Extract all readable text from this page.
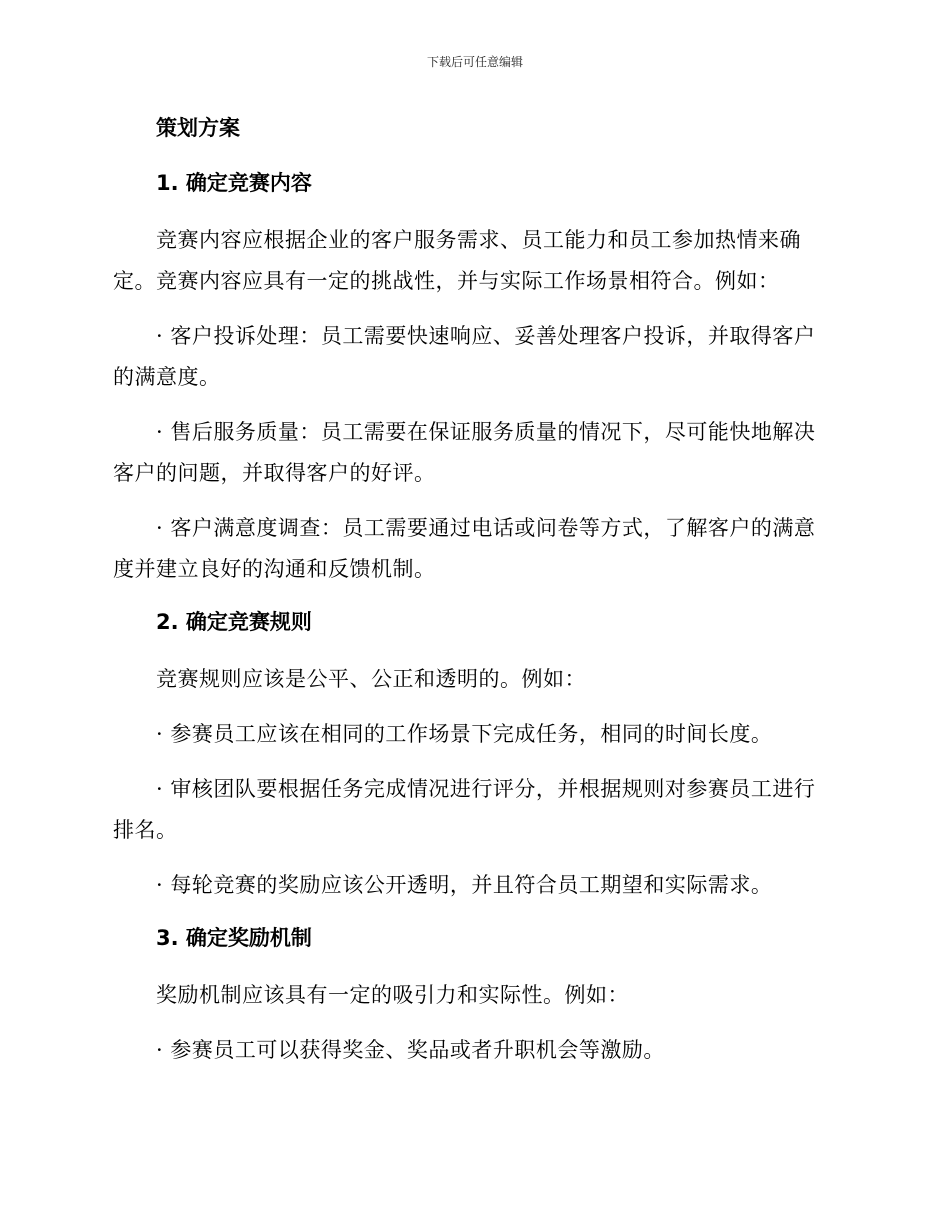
下载后可任意编辑
策划方案
1. 确定竞赛内容
竞赛内容应根据企业的客户服务需求、员工能力和员工参加热情来确定。竞赛内容应具有一定的挑战性，并与实际工作场景相符合。例如：
· 客户投诉处理：员工需要快速响应、妥善处理客户投诉，并取得客户的满意度。
· 售后服务质量：员工需要在保证服务质量的情况下，尽可能快地解决客户的问题，并取得客户的好评。
· 客户满意度调查：员工需要通过电话或问卷等方式，了解客户的满意度并建立良好的沟通和反馈机制。
2. 确定竞赛规则
竞赛规则应该是公平、公正和透明的。例如：
· 参赛员工应该在相同的工作场景下完成任务，相同的时间长度。
· 审核团队要根据任务完成情况进行评分，并根据规则对参赛员工进行排名。
· 每轮竞赛的奖励应该公开透明，并且符合员工期望和实际需求。
3. 确定奖励机制
奖励机制应该具有一定的吸引力和实际性。例如：
· 参赛员工可以获得奖金、奖品或者升职机会等激励。
